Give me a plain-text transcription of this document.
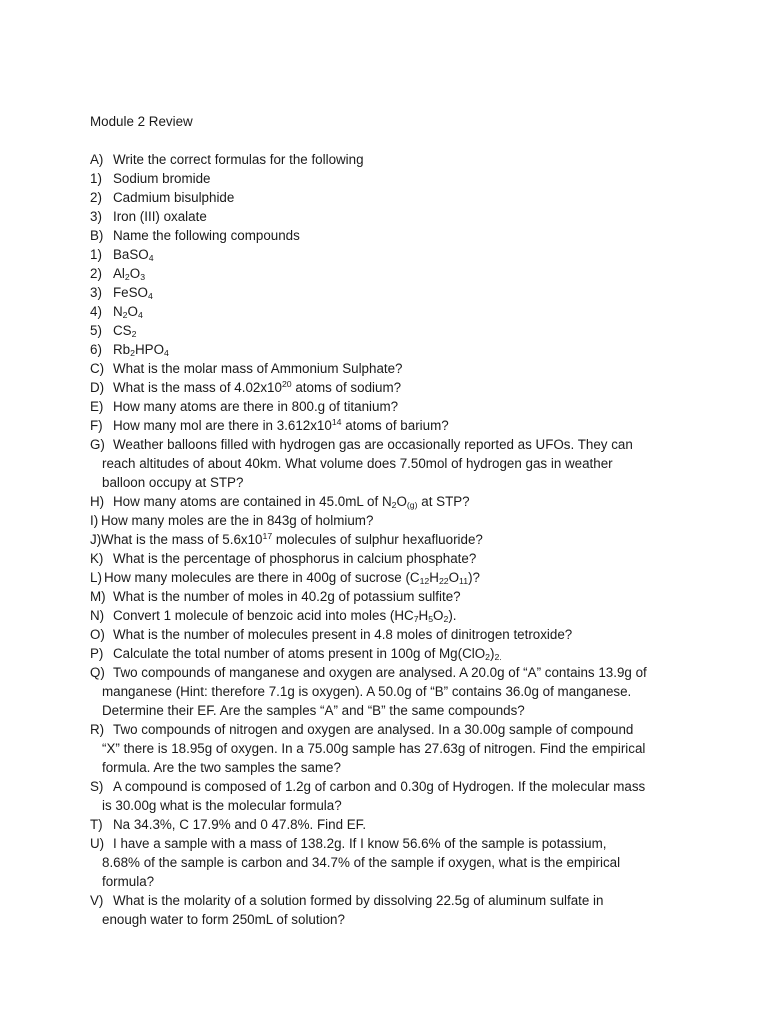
Module 2 Review
A) Write the correct formulas for the following
1) Sodium bromide
2) Cadmium bisulphide
3) Iron (III) oxalate
B) Name the following compounds
1) BaSO$_4$
2) $Al_2O_3$
3) FeSO$_4$
4) $N_2O_4$
5) $CS_2$
6) $Rb_2HPO_4$
C) What is the molar mass of Ammonium Sulphate?
D) What is the mass of $4.02x10^{20}$ atoms of sodium?
E) How many atoms are there in 800.g of titanium?
F) How many mol are there in $3.612x10^{14}$ atoms of barium?
G) Weather balloons filled with hydrogen gas are occasionally reported as UFOs. They can reach altitudes of about 40km. What volume does 7.50mol of hydrogen gas in weather balloon occupy at STP?
H) How many atoms are contained in 45.0mL of $N_2O_{(g)}$ at STP?
I) How many moles are the in 843g of holmium?
J) What is the mass of $5.6x10^{17}$ molecules of sulphur hexafluoride?
K) What is the percentage of phosphorus in calcium phosphate?
L) How many molecules are there in 400g of sucrose $(C_{12}H_{22}O_{11})$?
M) What is the number of moles in 40.2g of potassium sulfite?
N) Convert 1 molecule of benzoic acid into moles $(HC_7H_5O_2)$.
O) What is the number of molecules present in 4.8 moles of dinitrogen tetroxide?
P) Calculate the total number of atoms present in 100g of $Mg(ClO_2)_{2.}$
Q) Two compounds of manganese and oxygen are analysed. A 20.0g of “A” contains 13.9g of manganese (Hint: therefore 7.1g is oxygen). A 50.0g of “B” contains 36.0g of manganese. Determine their EF. Are the samples “A” and “B” the same compounds?
R) Two compounds of nitrogen and oxygen are analysed. In a 30.00g sample of compound “X” there is 18.95g of oxygen. In a 75.00g sample has 27.63g of nitrogen. Find the empirical formula. Are the two samples the same?
S) A compound is composed of 1.2g of carbon and 0.30g of Hydrogen. If the molecular mass is 30.00g what is the molecular formula?
T) Na 34.3%, C 17.9% and 0 47.8%. Find EF.
U) I have a sample with a mass of 138.2g. If I know 56.6% of the sample is potassium, 8.68% of the sample is carbon and 34.7% of the sample if oxygen, what is the empirical formula?
V) What is the molarity of a solution formed by dissolving 22.5g of aluminum sulfate in enough water to form 250mL of solution?
